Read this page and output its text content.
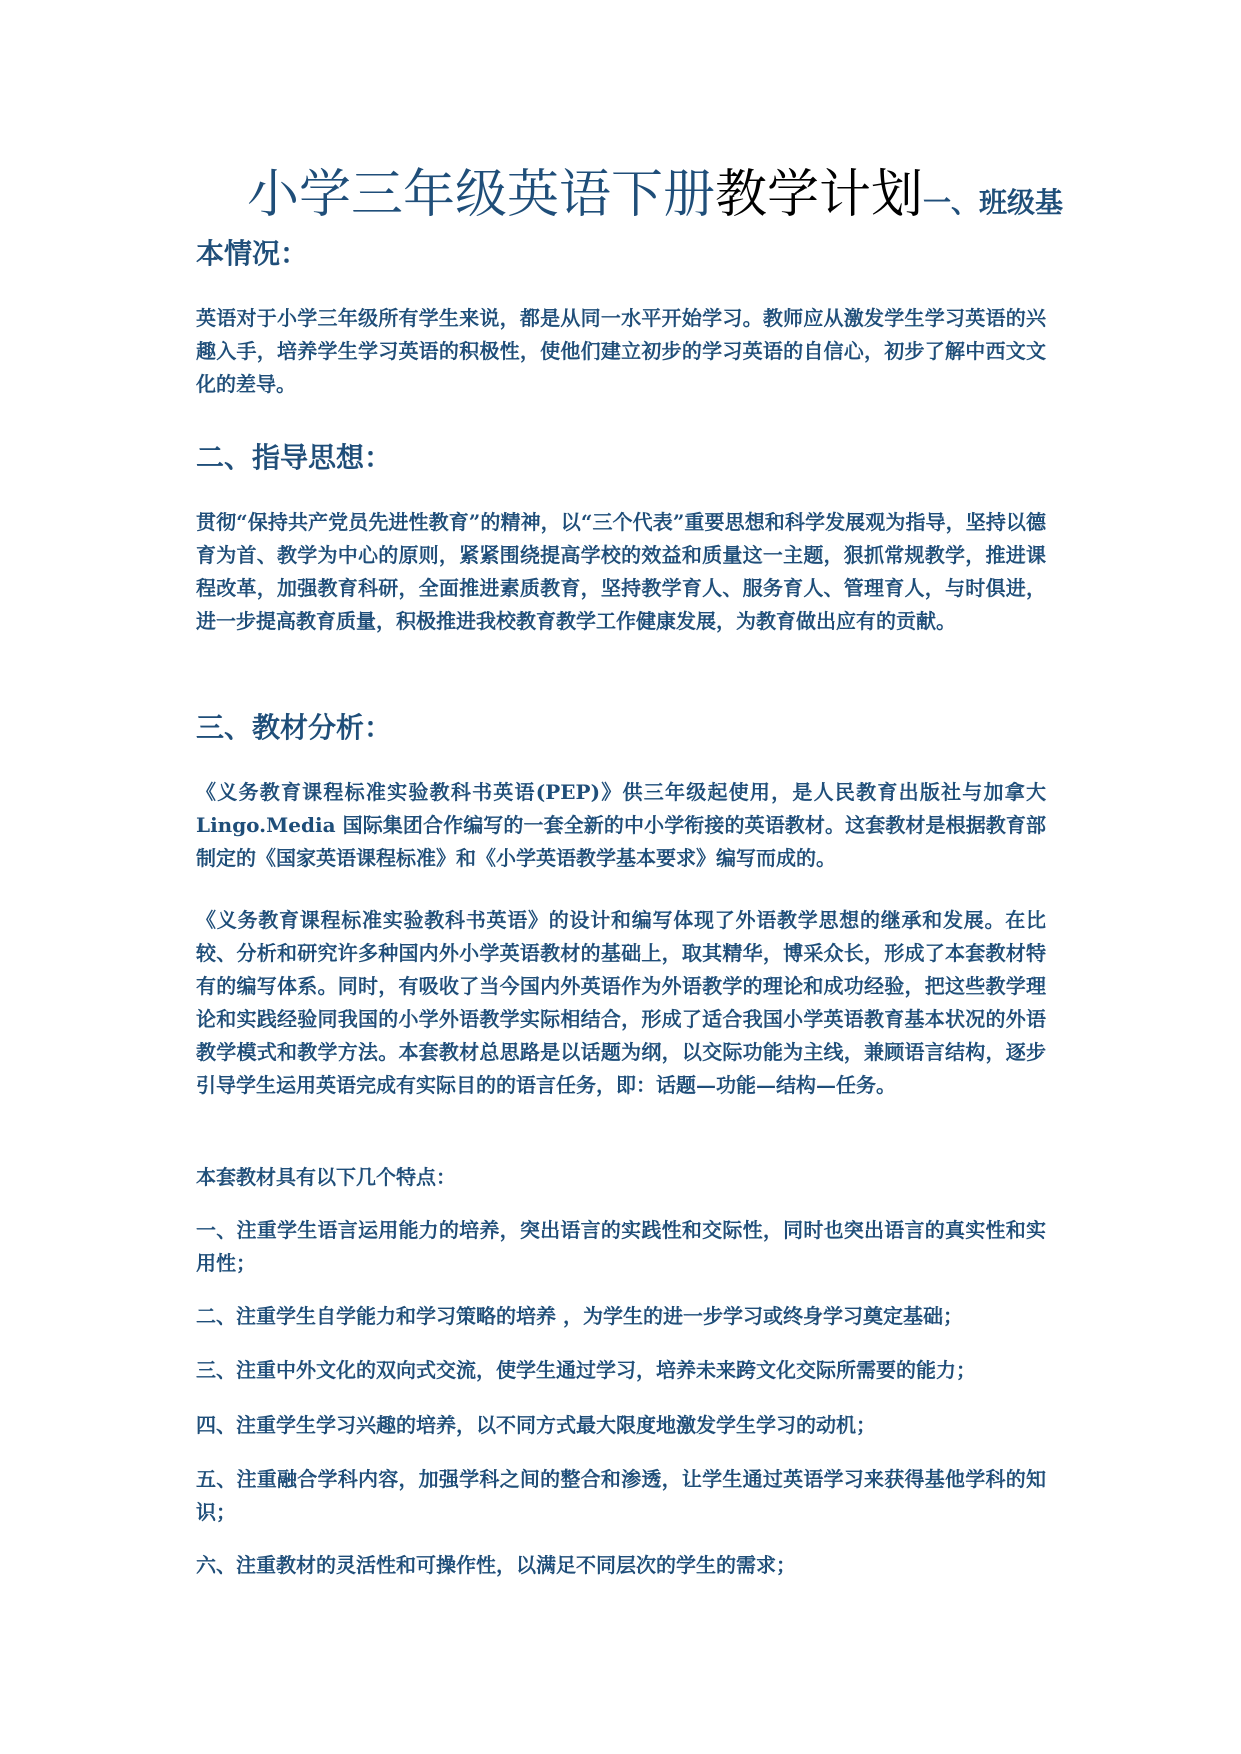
小学三年级英语下册教学计划一、班级基
本情况：
英语对于小学三年级所有学生来说，都是从同一水平开始学习。教师应从激发学生学习英语的兴趣入手，培养学生学习英语的积极性，使他们建立初步的学习英语的自信心，初步了解中西文文化的差导。
二、指导思想：
贯彻“保持共产党员先进性教育”的精神，以“三个代表”重要思想和科学发展观为指导，坚持以德育为首、教学为中心的原则，紧紧围绕提高学校的效益和质量这一主题，狠抓常规教学，推进课程改革，加强教育科研，全面推进素质教育，坚持教学育人、服务育人、管理育人，与时俱进，进一步提高教育质量，积极推进我校教育教学工作健康发展，为教育做出应有的贡献。
三、教材分析：
《义务教育课程标准实验教科书英语(PEP)》供三年级起使用，是人民教育出版社与加拿大 Lingo.Media 国际集团合作编写的一套全新的中小学衔接的英语教材。这套教材是根据教育部制定的《国家英语课程标准》和《小学英语教学基本要求》编写而成的。
《义务教育课程标准实验教科书英语》的设计和编写体现了外语教学思想的继承和发展。在比较、分析和研究许多种国内外小学英语教材的基础上，取其精华，博采众长，形成了本套教材特有的编写体系。同时，有吸收了当今国内外英语作为外语教学的理论和成功经验，把这些教学理论和实践经验同我国的小学外语教学实际相结合，形成了适合我国小学英语教育基本状况的外语教学模式和教学方法。本套教材总思路是以话题为纲，以交际功能为主线，兼顾语言结构，逐步引导学生运用英语完成有实际目的的语言任务，即：话题—功能—结构—任务。
本套教材具有以下几个特点：
一、注重学生语言运用能力的培养，突出语言的实践性和交际性，同时也突出语言的真实性和实用性；
二、注重学生自学能力和学习策略的培养 ，为学生的进一步学习或终身学习奠定基础；
三、注重中外文化的双向式交流，使学生通过学习，培养未来跨文化交际所需要的能力；
四、注重学生学习兴趣的培养，以不同方式最大限度地激发学生学习的动机；
五、注重融合学科内容，加强学科之间的整合和渗透，让学生通过英语学习来获得基他学科的知识；
六、注重教材的灵活性和可操作性，以满足不同层次的学生的需求；
